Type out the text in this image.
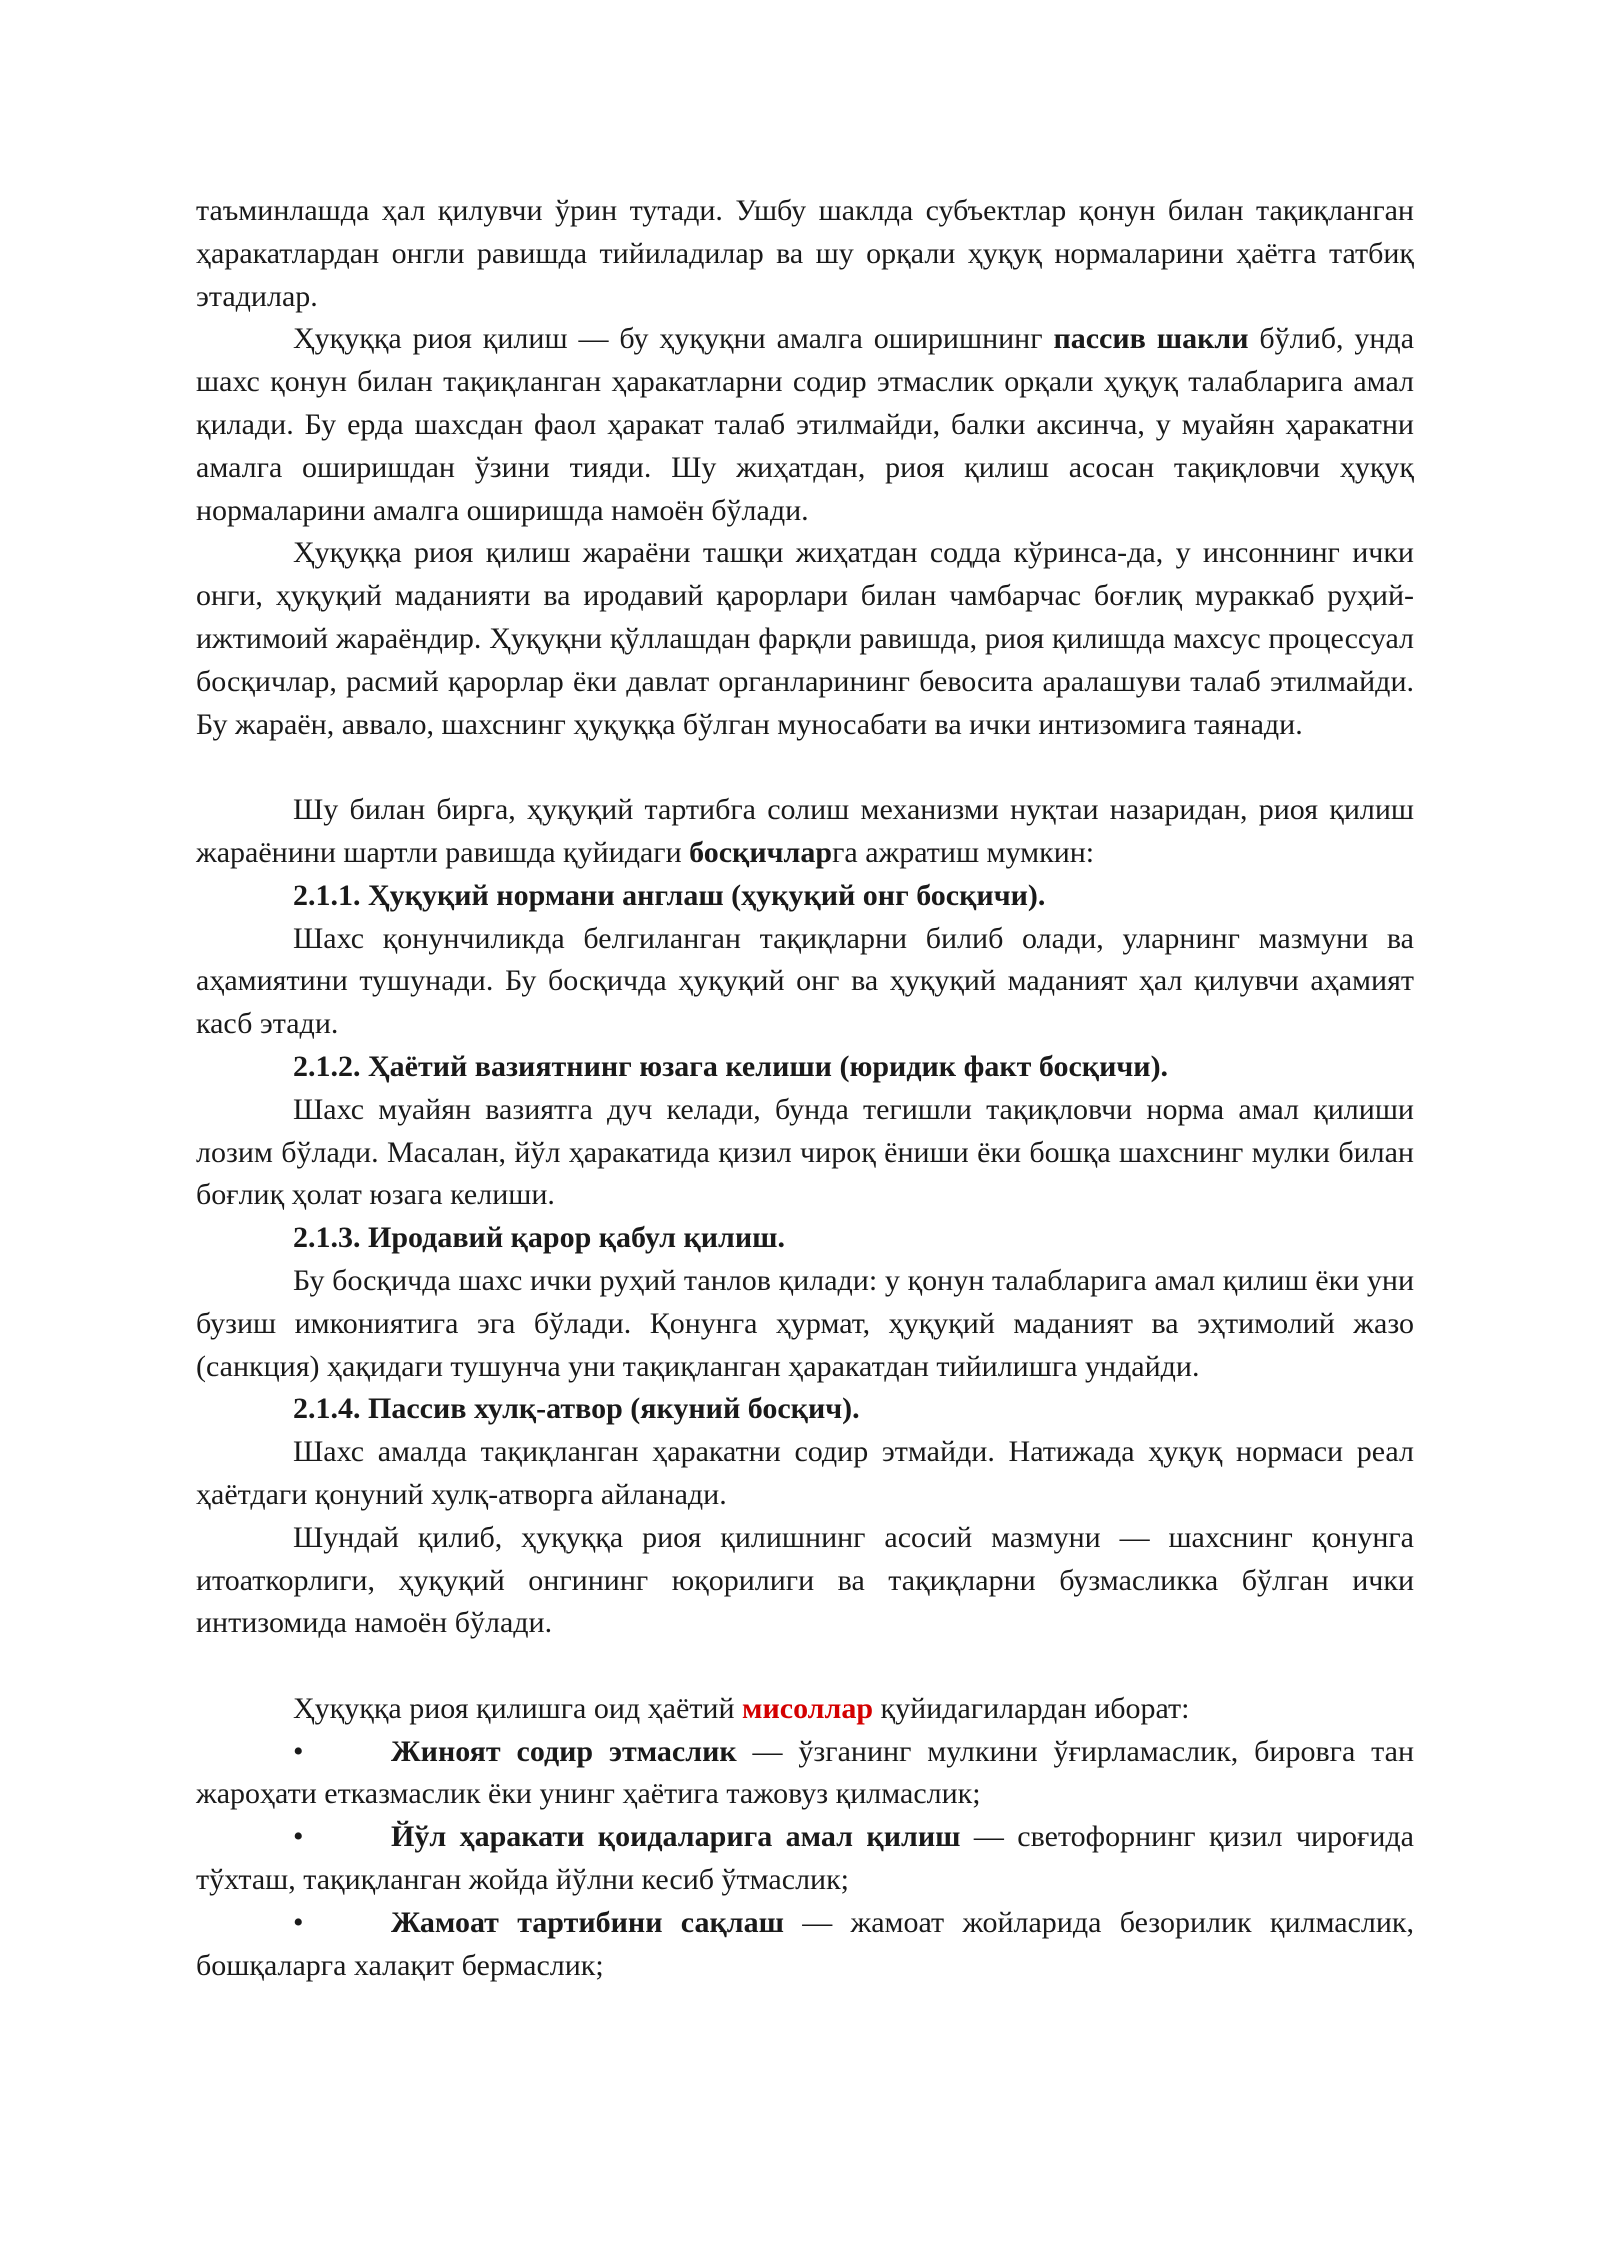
таъминлашда ҳал қилувчи ўрин тутади. Ушбу шаклда субъектлар қонун билан тақиқланган ҳаракатлардан онгли равишда тийиладилар ва шу орқали ҳуқуқ нормаларини ҳаётга татбиқ этадилар.

Ҳуқуққа риоя қилиш — бу ҳуқуқни амалга оширишнинг пассив шакли бўлиб, унда шахс қонун билан тақиқланган ҳаракатларни содир этмаслик орқали ҳуқуқ талабларига амал қилади. Бу ерда шахсдан фаол ҳаракат талаб этилмайди, балки аксинча, у муайян ҳаракатни амалга оширишдан ўзини тияди. Шу жиҳатдан, риоя қилиш асосан тақиқловчи ҳуқуқ нормаларини амалга оширишда намоён бўлади.

Ҳуқуққа риоя қилиш жараёни ташқи жиҳатдан содда кўринса-да, у инсоннинг ички онги, ҳуқуқий маданияти ва иродавий қарорлари билан чамбарчас боғлиқ мураккаб руҳий-ижтимоий жараёндир. Ҳуқуқни қўллашдан фарқли равишда, риоя қилишда махсус процессуал босқичлар, расмий қарорлар ёки давлат органларининг бевосита аралашуви талаб этилмайди. Бу жараён, аввало, шахснинг ҳуқуққа бўлган муносабати ва ички интизомига таянади.

Шу билан бирга, ҳуқуқий тартибга солиш механизми нуқтаи назаридан, риоя қилиш жараёнини шартли равишда қуйидаги босқичларга ажратиш мумкин:

2.1.1. Ҳуқуқий нормани англаш (ҳуқуқий онг босқичи).

Шахс қонунчиликда белгиланган тақиқларни билиб олади, уларнинг мазмуни ва аҳамиятини тушунади. Бу босқичда ҳуқуқий онг ва ҳуқуқий маданият ҳал қилувчи аҳамият касб этади.

2.1.2. Ҳаётий вазиятнинг юзага келиши (юридик факт босқичи).

Шахс муайян вазиятга дуч келади, бунда тегишли тақиқловчи норма амал қилиши лозим бўлади. Масалан, йўл ҳаракатида қизил чироқ ёниши ёки бошқа шахснинг мулки билан боғлиқ ҳолат юзага келиши.

2.1.3. Иродавий қарор қабул қилиш.

Бу босқичда шахс ички руҳий танлов қилади: у қонун талабларига амал қилиш ёки уни бузиш имкониятига эга бўлади. Қонунга ҳурмат, ҳуқуқий маданият ва эҳтимолий жазо (санкция) ҳақидаги тушунча уни тақиқланган ҳаракатдан тийилишга ундайди.

2.1.4. Пассив хулқ-атвор (якуний босқич).

Шахс амалда тақиқланган ҳаракатни содир этмайди. Натижада ҳуқуқ нормаси реал ҳаётдаги қонуний хулқ-атворга айланади.

Шундай қилиб, ҳуқуққа риоя қилишнинг асосий мазмуни — шахснинг қонунга итоаткорлиги, ҳуқуқий онгининг юқорилиги ва тақиқларни бузмасликка бўлган ички интизомида намоён бўлади.

Ҳуқуққа риоя қилишга оид ҳаётий мисоллар қуйидагилардан иборат:

•	Жиноят содир этмаслик — ўзганинг мулкини ўғирламаслик, бировга тан жароҳати етказмаслик ёки унинг ҳаётига тажовуз қилмаслик;

•	Йўл ҳаракати қоидаларига амал қилиш — светофорнинг қизил чироғида тўхташ, тақиқланган жойда йўлни кесиб ўтмаслик;

•	Жамоат тартибини сақлаш — жамоат жойларида безорилик қилмаслик, бошқаларга халақит бермаслик;
